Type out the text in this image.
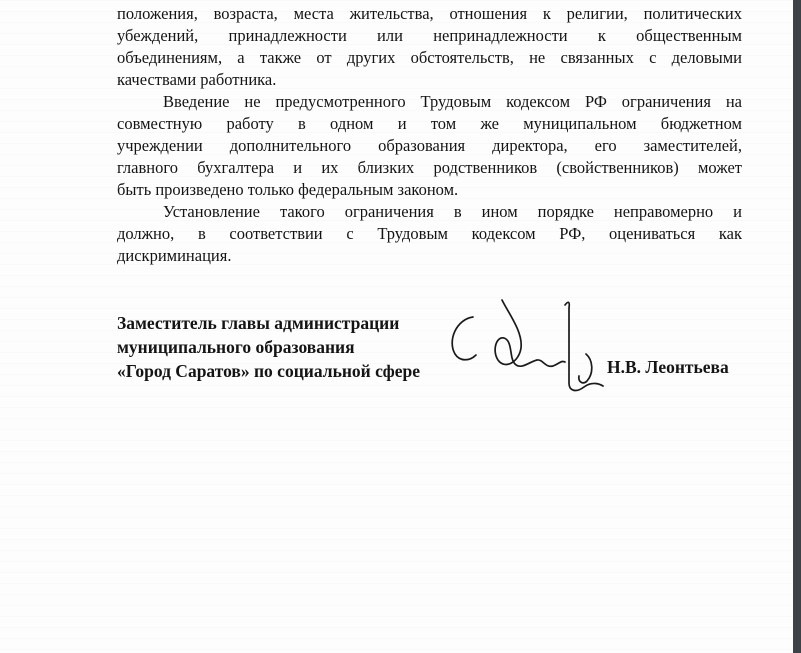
положения, возраста, места жительства, отношения к религии, политических
убеждений, принадлежности или непринадлежности к общественным
объединениям, а также от других обстоятельств, не связанных с деловыми
качествами работника.
Введение не предусмотренного Трудовым кодексом РФ ограничения на
совместную работу в одном и том же муниципальном бюджетном
учреждении дополнительного образования директора, его заместителей,
главного бухгалтера и их близких родственников (свойственников) может
быть произведено только федеральным законом.
Установление такого ограничения в ином порядке неправомерно и
должно, в соответствии с Трудовым кодексом РФ, оцениваться как
дискриминация.
Заместитель главы администрации
муниципального образования
«Город Саратов» по социальной сфере	Н.В. Леонтьева
